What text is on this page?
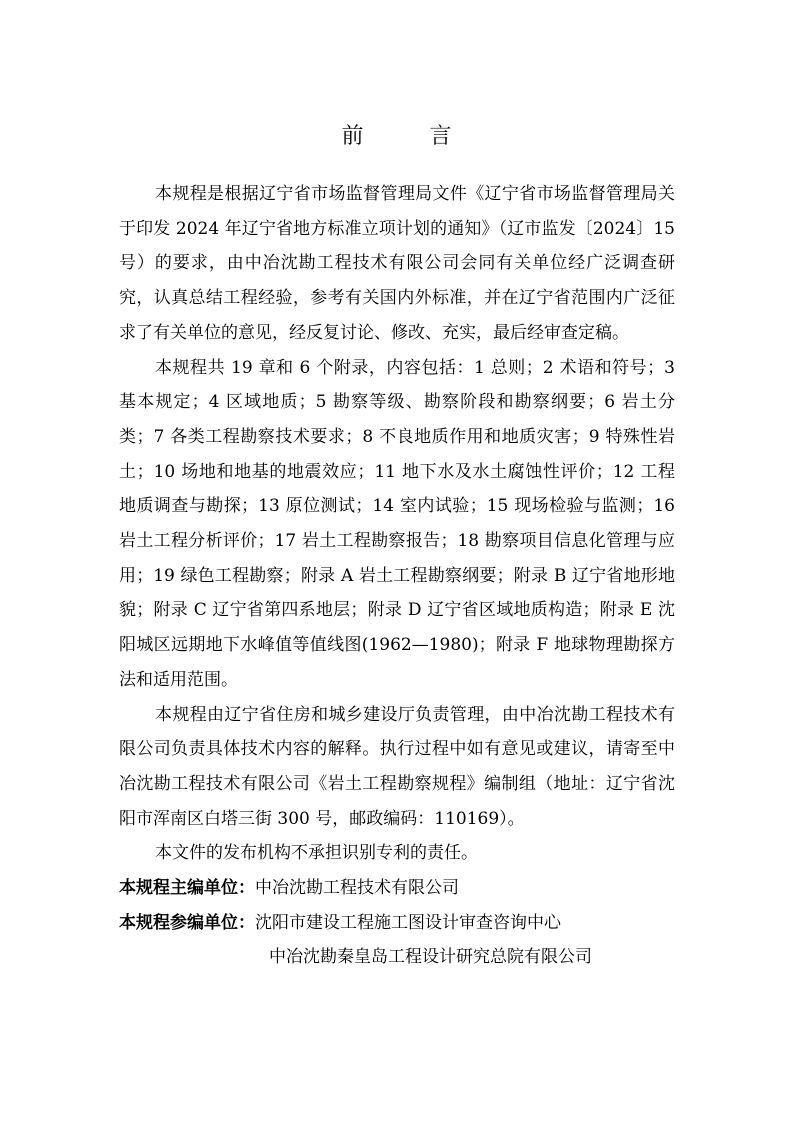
前　言

本规程是根据辽宁省市场监督管理局文件《辽宁省市场监督管理局关于印发 2024 年辽宁省地方标准立项计划的通知》（辽市监发〔2024〕15 号）的要求，由中冶沈勘工程技术有限公司会同有关单位经广泛调查研究，认真总结工程经验，参考有关国内外标准，并在辽宁省范围内广泛征求了有关单位的意见，经反复讨论、修改、充实，最后经审查定稿。

本规程共 19 章和 6 个附录，内容包括：1 总则；2 术语和符号；3 基本规定；4 区域地质；5 勘察等级、勘察阶段和勘察纲要；6 岩土分类；7 各类工程勘察技术要求；8 不良地质作用和地质灾害；9 特殊性岩土；10 场地和地基的地震效应；11 地下水及水土腐蚀性评价；12 工程地质调查与勘探；13 原位测试；14 室内试验；15 现场检验与监测；16 岩土工程分析评价；17 岩土工程勘察报告；18 勘察项目信息化管理与应用；19 绿色工程勘察；附录 A 岩土工程勘察纲要；附录 B 辽宁省地形地貌；附录 C 辽宁省第四系地层；附录 D 辽宁省区域地质构造；附录 E 沈阳城区远期地下水峰值等值线图(1962—1980)；附录 F 地球物理勘探方法和适用范围。

本规程由辽宁省住房和城乡建设厅负责管理，由中冶沈勘工程技术有限公司负责具体技术内容的解释。执行过程中如有意见或建议，请寄至中冶沈勘工程技术有限公司《岩土工程勘察规程》编制组（地址：辽宁省沈阳市浑南区白塔三街 300 号，邮政编码：110169）。

本文件的发布机构不承担识别专利的责任。

本规程主编单位：中冶沈勘工程技术有限公司
本规程参编单位：沈阳市建设工程施工图设计审查咨询中心
中冶沈勘秦皇岛工程设计研究总院有限公司
